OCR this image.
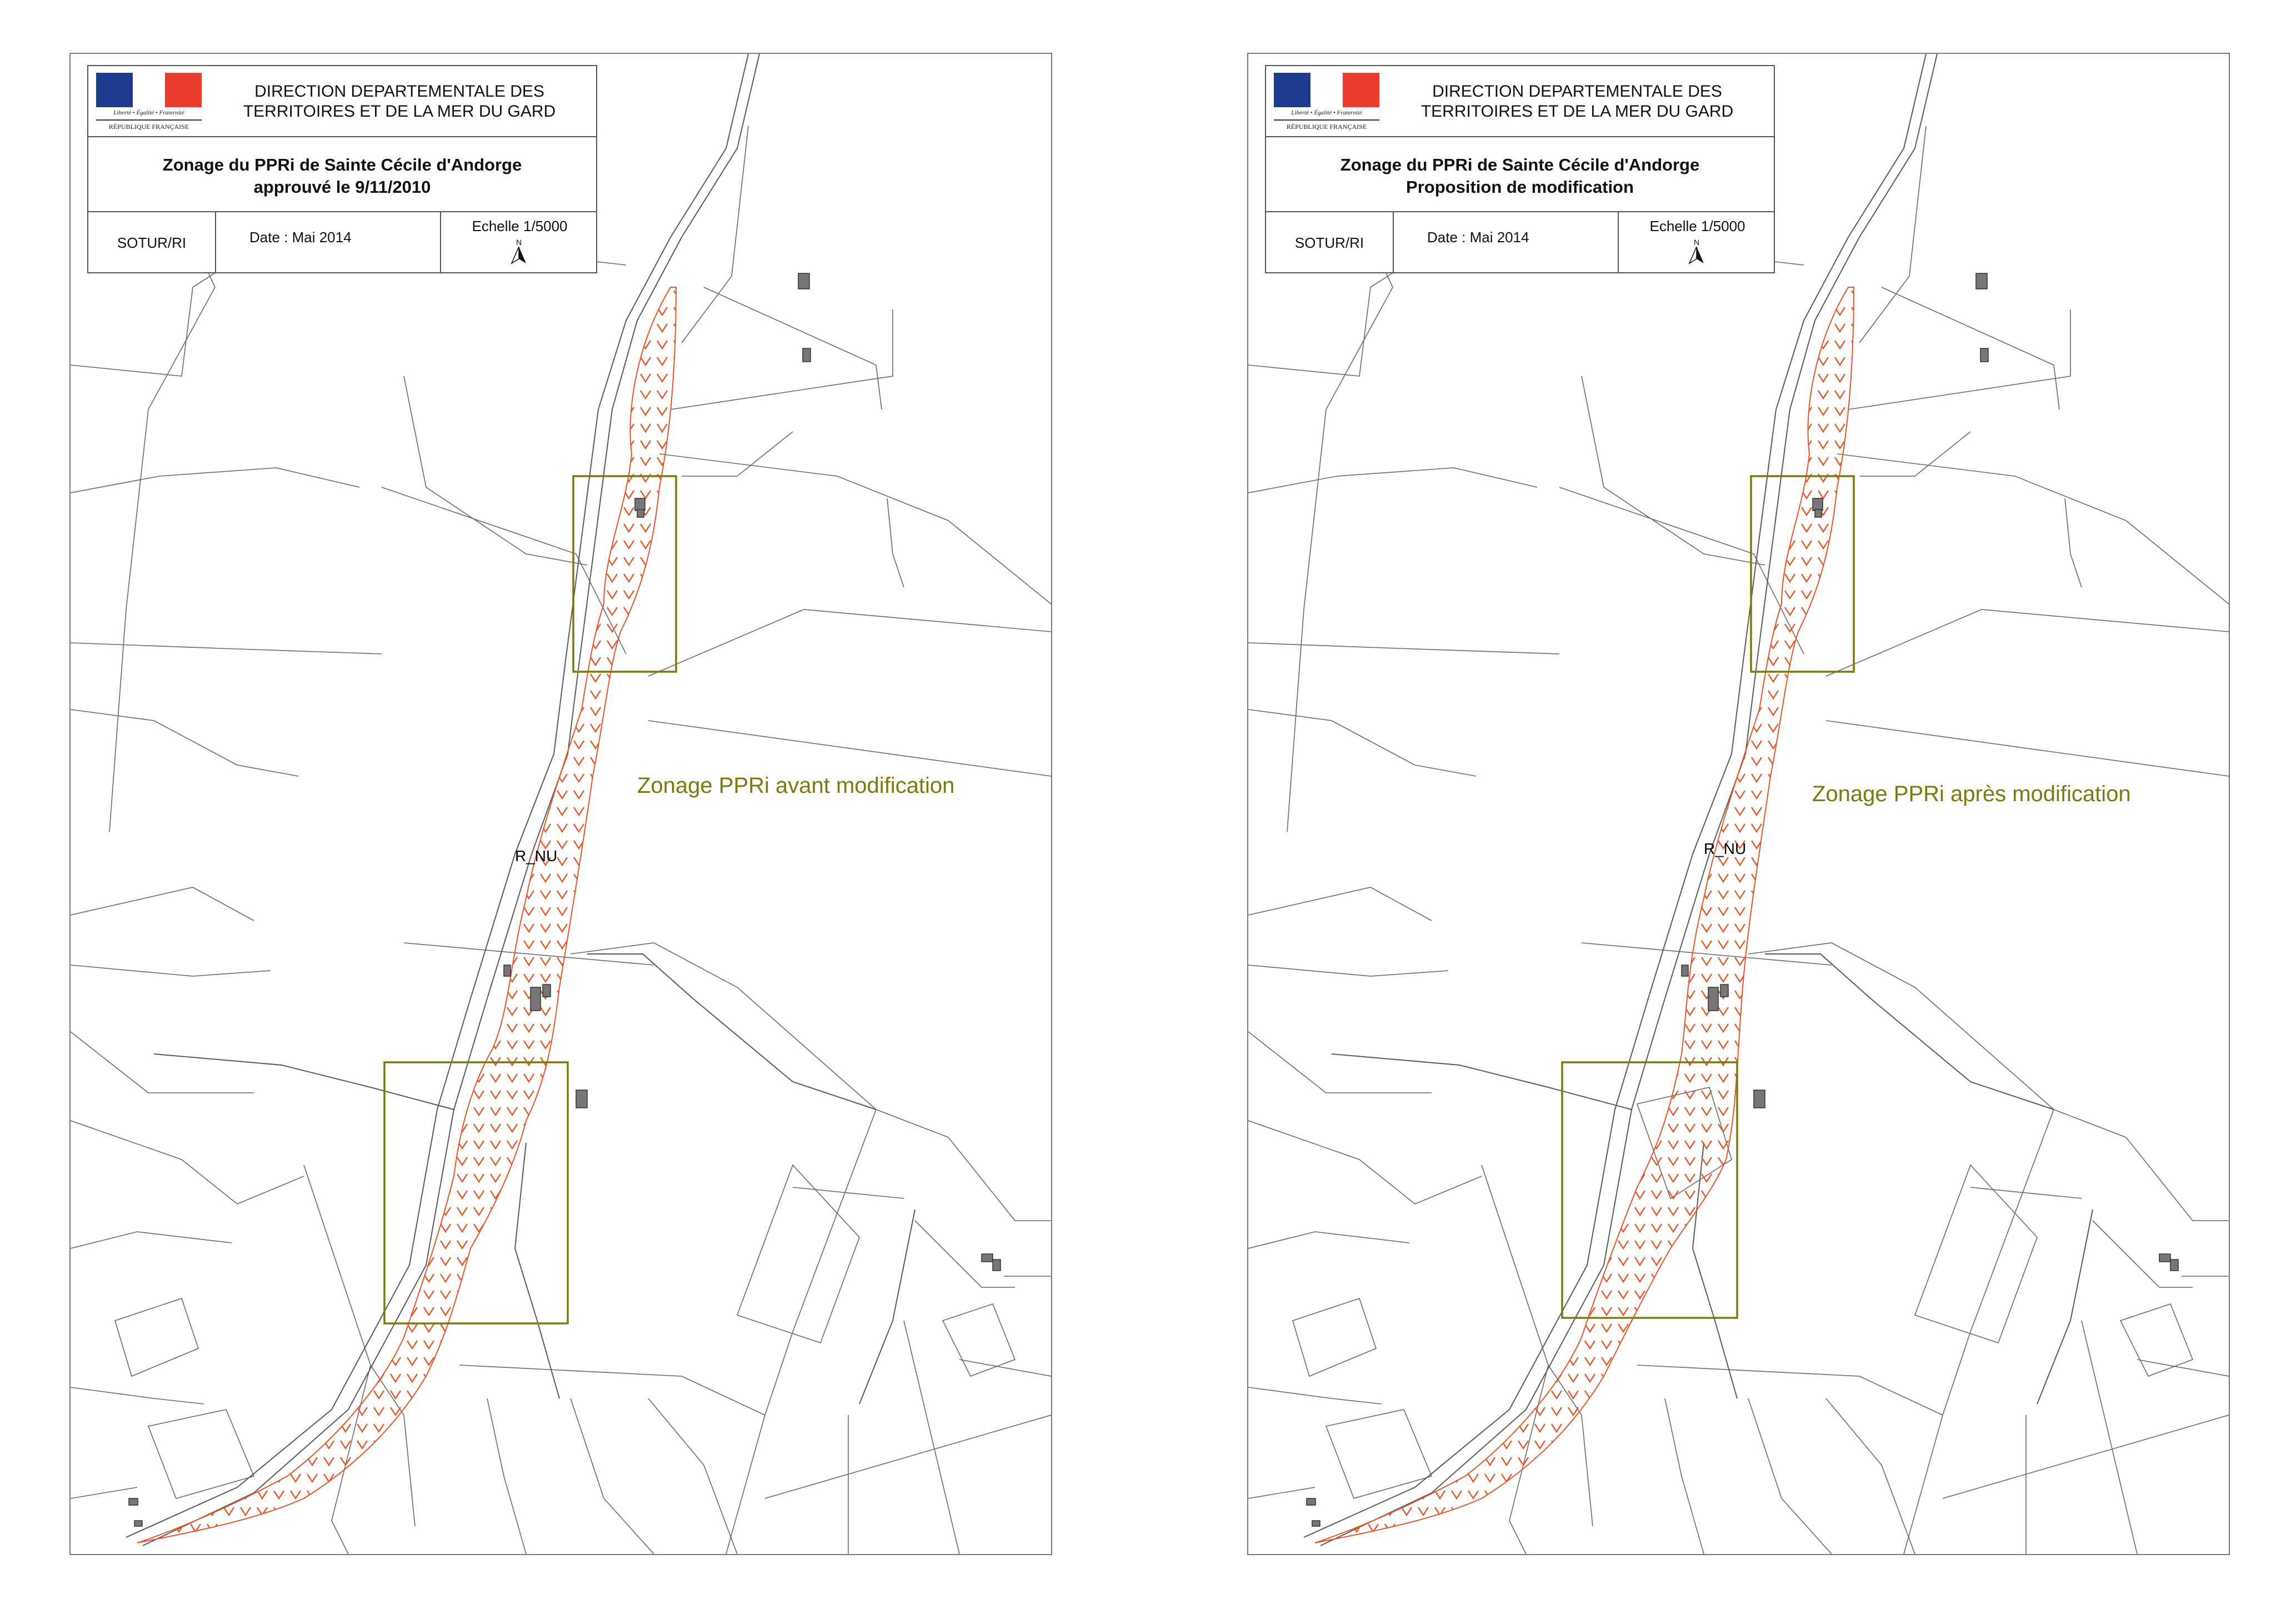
Liberté • Égalité • Fraternité
RÉPUBLIQUE FRANÇAISE
DIRECTION DEPARTEMENTALE DES
TERRITOIRES ET DE LA MER DU GARD
Zonage du PPRi de Sainte Cécile d'Andorge
approuvé le 9/11/2010
SOTUR/RI	Date : Mai 2014
Echelle 1/5000
N
Zonage PPRi avant modification
R_NU
Liberté • Égalité • Fraternité
RÉPUBLIQUE FRANÇAISE
DIRECTION DEPARTEMENTALE DES
TERRITOIRES ET DE LA MER DU GARD
Zonage du PPRi de Sainte Cécile d'Andorge
Proposition de modification
SOTUR/RI	Date : Mai 2014
Echelle 1/5000
N
Zonage PPRi après modification
R_NU
